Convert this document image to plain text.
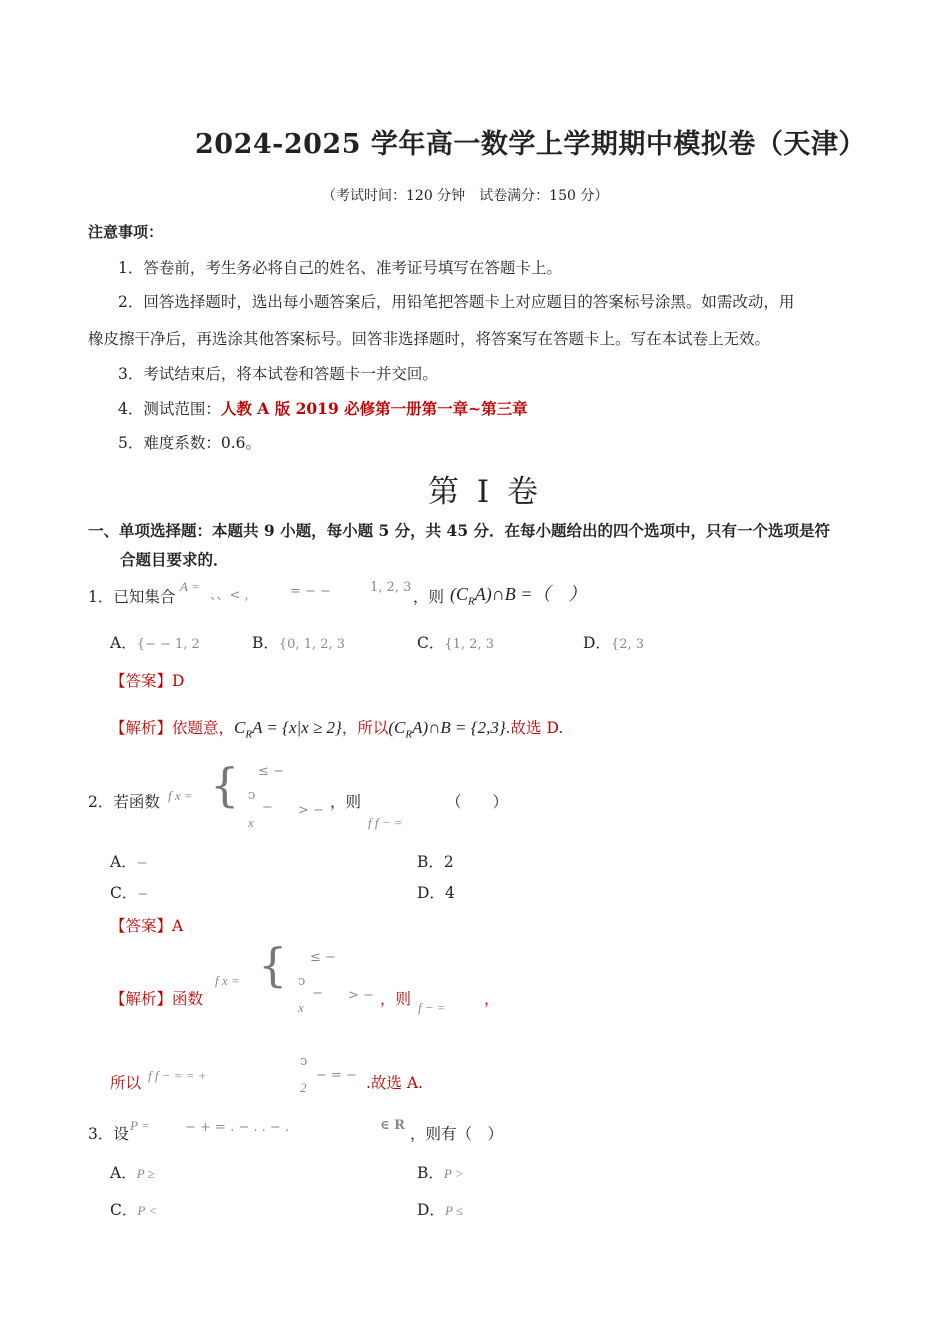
2024-2025 学年高一数学上学期期中模拟卷（天津）
（考试时间：120 分钟　试卷满分：150 分）
注意事项：
1．答卷前，考生务必将自己的姓名、准考证号填写在答题卡上。
2．回答选择题时，选出每小题答案后，用铅笔把答题卡上对应题目的答案标号涂黑。如需改动，用
橡皮擦干净后，再选涂其他答案标号。回答非选择题时，将答案写在答题卡上。写在本试卷上无效。
3．考试结束后，将本试卷和答题卡一并交回。
4．测试范围：人教 A 版 2019 必修第一册第一章~第三章
5．难度系数：0.6。
第 I 卷
一、单项选择题：本题共 9 小题，每小题 5 分，共 45 分．在每小题给出的四个选项中，只有一个选项是符
合题目要求的．
1．已知集合
A =
、、< ,	= − −	1, 2, 3
，则 $(C_RA)\cap B$ =（　）
A．{− − 1, 2	B．{0, 1, 2, 3	C．{1, 2, 3	D．{2, 3
【答案】D
【解析】依题意，$C_RA = \{x|x \ge 2\}$，所以$(C_RA)\cap B = \{2,3\}$.故选 D.
2．若函数 f x = { ≤ −
ↄ
−
x
> − ，则
f f − =
（　　）
A．−	B．2
C．−	D．4
【答案】A
【解析】函数
f x = { ≤ −
ↄ
−
x
> − ，则 f − = ，
所以 f f − = = +
ↄ
2
− = − .故选 A.
3．设 P =	− + = . − . . − .	∈ R ，则有（　）
A．P ≥	B．P >
C．P <	D．P ≤
